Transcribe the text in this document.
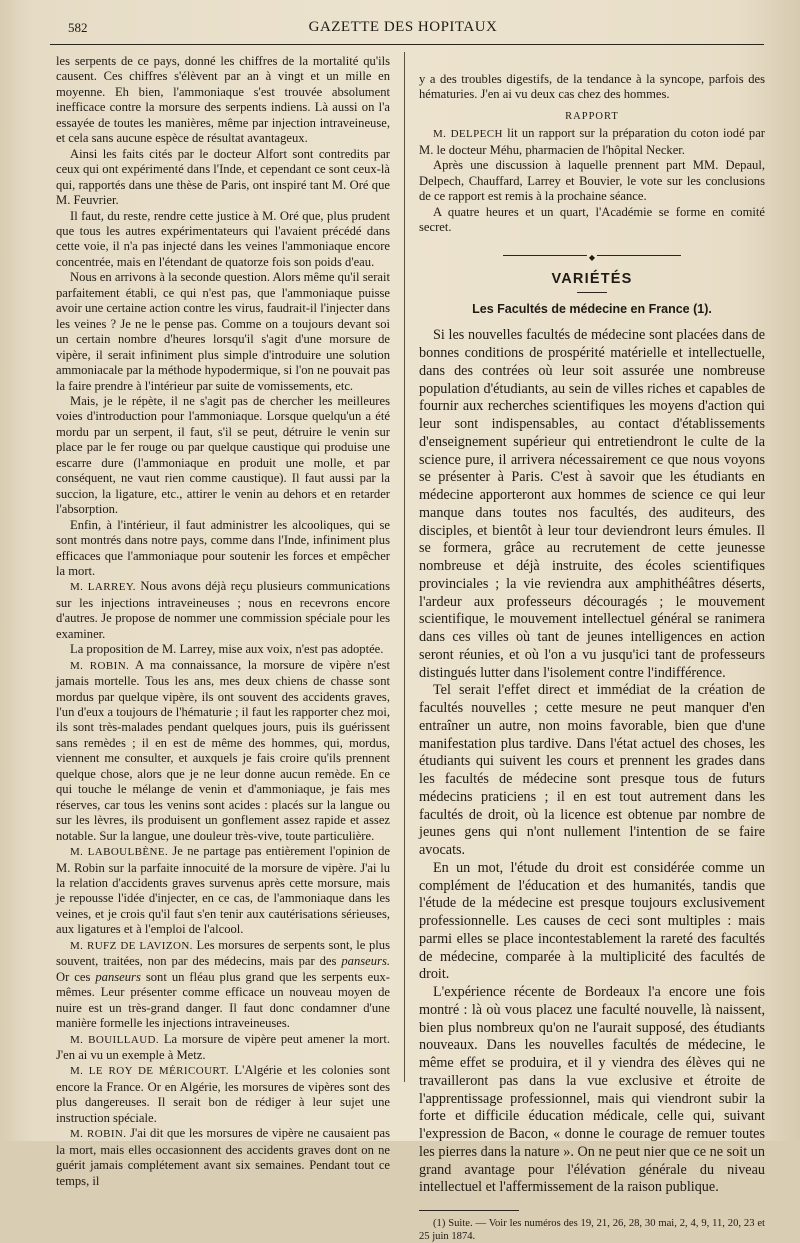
582	GAZETTE DES HOPITAUX

les serpents de ce pays, donné les chiffres de la mortalité qu'ils causent. Ces chiffres s'élèvent par an à vingt et un mille en moyenne. Eh bien, l'ammoniaque s'est trouvée absolument inefficace contre la morsure des serpents indiens. Là aussi on l'a essayée de toutes les manières, même par injection intraveineuse, et cela sans aucune espèce de résultat avantageux.

Ainsi les faits cités par le docteur Alfort sont contredits par ceux qui ont expérimenté dans l'Inde, et cependant ce sont ceux-là qui, rapportés dans une thèse de Paris, ont inspiré tant M. Oré que M. Feuvrier.

Il faut, du reste, rendre cette justice à M. Oré que, plus prudent que tous les autres expérimentateurs qui l'avaient précédé dans cette voie, il n'a pas injecté dans les veines l'ammoniaque encore concentrée, mais en l'étendant de quatorze fois son poids d'eau.

Nous en arrivons à la seconde question. Alors même qu'il serait parfaitement établi, ce qui n'est pas, que l'ammoniaque puisse avoir une certaine action contre les virus, faudrait-il l'injecter dans les veines ? Je ne le pense pas. Comme on a toujours devant soi un certain nombre d'heures lorsqu'il s'agit d'une morsure de vipère, il serait infiniment plus simple d'introduire une solution ammoniacale par la méthode hypodermique, si l'on ne pouvait pas la faire prendre à l'intérieur par suite de vomissements, etc.

Mais, je le répète, il ne s'agit pas de chercher les meilleures voies d'introduction pour l'ammoniaque. Lorsque quelqu'un a été mordu par un serpent, il faut, s'il se peut, détruire le venin sur place par le fer rouge ou par quelque caustique qui produise une escarre dure (l'ammoniaque en produit une molle, et par conséquent, ne vaut rien comme caustique). Il faut aussi par la succion, la ligature, etc., attirer le venin au dehors et en retarder l'absorption.

Enfin, à l'intérieur, il faut administrer les alcooliques, qui se sont montrés dans notre pays, comme dans l'Inde, infiniment plus efficaces que l'ammoniaque pour soutenir les forces et empêcher la mort.

M. LARREY. Nous avons déjà reçu plusieurs communications sur les injections intraveineuses ; nous en recevrons encore d'autres. Je propose de nommer une commission spéciale pour les examiner.

La proposition de M. Larrey, mise aux voix, n'est pas adoptée.

M. ROBIN. A ma connaissance, la morsure de vipère n'est jamais mortelle. Tous les ans, mes deux chiens de chasse sont mordus par quelque vipère, ils ont souvent des accidents graves, l'un d'eux a toujours de l'hématurie ; il faut les rapporter chez moi, ils sont très-malades pendant quelques jours, puis ils guérissent sans remèdes ; il en est de même des hommes, qui, mordus, viennent me consulter, et auxquels je fais croire qu'ils prennent quelque chose, alors que je ne leur donne aucun remède. En ce qui touche le mélange de venin et d'ammoniaque, je fais mes réserves, car tous les venins sont acides : placés sur la langue ou sur les lèvres, ils produisent un gonflement assez rapide et assez notable. Sur la langue, une douleur très-vive, toute particulière.

M. LABOULBÈNE. Je ne partage pas entièrement l'opinion de M. Robin sur la parfaite innocuité de la morsure de vipère. J'ai lu la relation d'accidents graves survenus après cette morsure, mais je repousse l'idée d'injecter, en ce cas, de l'ammoniaque dans les veines, et je crois qu'il faut s'en tenir aux cautérisations sérieuses, aux ligatures et à l'emploi de l'alcool.

M. RUFZ DE LAVIZON. Les morsures de serpents sont, le plus souvent, traitées, non par des médecins, mais par des panseurs. Or ces panseurs sont un fléau plus grand que les serpents eux-mêmes. Leur présenter comme efficace un nouveau moyen de nuire est un très-grand danger. Il faut donc condamner d'une manière formelle les injections intraveineuses.

M. BOUILLAUD. La morsure de vipère peut amener la mort. J'en ai vu un exemple à Metz.

M. LE ROY DE MÉRICOURT. L'Algérie et les colonies sont encore la France. Or en Algérie, les morsures de vipères sont des plus dangereuses. Il serait bon de rédiger à leur sujet une instruction spéciale.

M. ROBIN. J'ai dit que les morsures de vipère ne causaient pas la mort, mais elles occasionnent des accidents graves dont on ne guérit jamais complétement avant six semaines. Pendant tout ce temps, il

y a des troubles digestifs, de la tendance à la syncope, parfois des hématuries. J'en ai vu deux cas chez des hommes.

RAPPORT

M. DELPECH lit un rapport sur la préparation du coton iodé par M. le docteur Méhu, pharmacien de l'hôpital Necker.

Après une discussion à laquelle prennent part MM. Depaul, Delpech, Chauffard, Larrey et Bouvier, le vote sur les conclusions de ce rapport est remis à la prochaine séance.

A quatre heures et un quart, l'Académie se forme en comité secret.

◆
VARIÉTÉS
Les Facultés de médecine en France (1).

Si les nouvelles facultés de médecine sont placées dans de bonnes conditions de prospérité matérielle et intellectuelle, dans des contrées où leur soit assurée une nombreuse population d'étudiants, au sein de villes riches et capables de fournir aux recherches scientifiques les moyens d'action qui leur sont indispensables, au contact d'établissements d'enseignement supérieur qui entretiendront le culte de la science pure, il arrivera nécessairement ce que nous voyons se présenter à Paris. C'est à savoir que les étudiants en médecine apporteront aux hommes de science ce qui leur manque dans toutes nos facultés, des auditeurs, des disciples, et bientôt à leur tour deviendront leurs émules. Il se formera, grâce au recrutement de cette jeunesse nombreuse et déjà instruite, des écoles scientifiques provinciales ; la vie reviendra aux amphithéâtres déserts, l'ardeur aux professeurs découragés ; le mouvement scientifique, le mouvement intellectuel général se ranimera dans ces villes où tant de jeunes intelligences en action seront réunies, et où l'on a vu jusqu'ici tant de professeurs distingués lutter dans l'isolement contre l'indifférence.

Tel serait l'effet direct et immédiat de la création de facultés nouvelles ; cette mesure ne peut manquer d'en entraîner un autre, non moins favorable, bien que d'une manifestation plus tardive. Dans l'état actuel des choses, les étudiants qui suivent les cours et prennent les grades dans les facultés de médecine sont presque tous de futurs médecins praticiens ; il en est tout autrement dans les facultés de droit, où la licence est obtenue par nombre de jeunes gens qui n'ont nullement l'intention de se faire avocats.

En un mot, l'étude du droit est considérée comme un complément de l'éducation et des humanités, tandis que l'étude de la médecine est presque toujours exclusivement professionnelle. Les causes de ceci sont multiples : mais parmi elles se place incontestablement la rareté des facultés de médecine, comparée à la multiplicité des facultés de droit.

L'expérience récente de Bordeaux l'a encore une fois montré : là où vous placez une faculté nouvelle, là naissent, bien plus nombreux qu'on ne l'aurait supposé, des étudiants nouveaux. Dans les nouvelles facultés de médecine, le même effet se produira, et il y viendra des élèves qui ne travailleront pas dans la vue exclusive et étroite de l'apprentissage professionnel, mais qui viendront subir la forte et difficile éducation médicale, celle qui, suivant l'expression de Bacon, « donne le courage de remuer toutes les pierres dans la nature ». On ne peut nier que ce ne soit un grand avantage pour l'élévation générale du niveau intellectuel et l'affermissement de la raison publique.

(1) Suite. — Voir les numéros des 19, 21, 26, 28, 30 mai, 2, 4, 9, 11, 20, 23 et 25 juin 1874.
